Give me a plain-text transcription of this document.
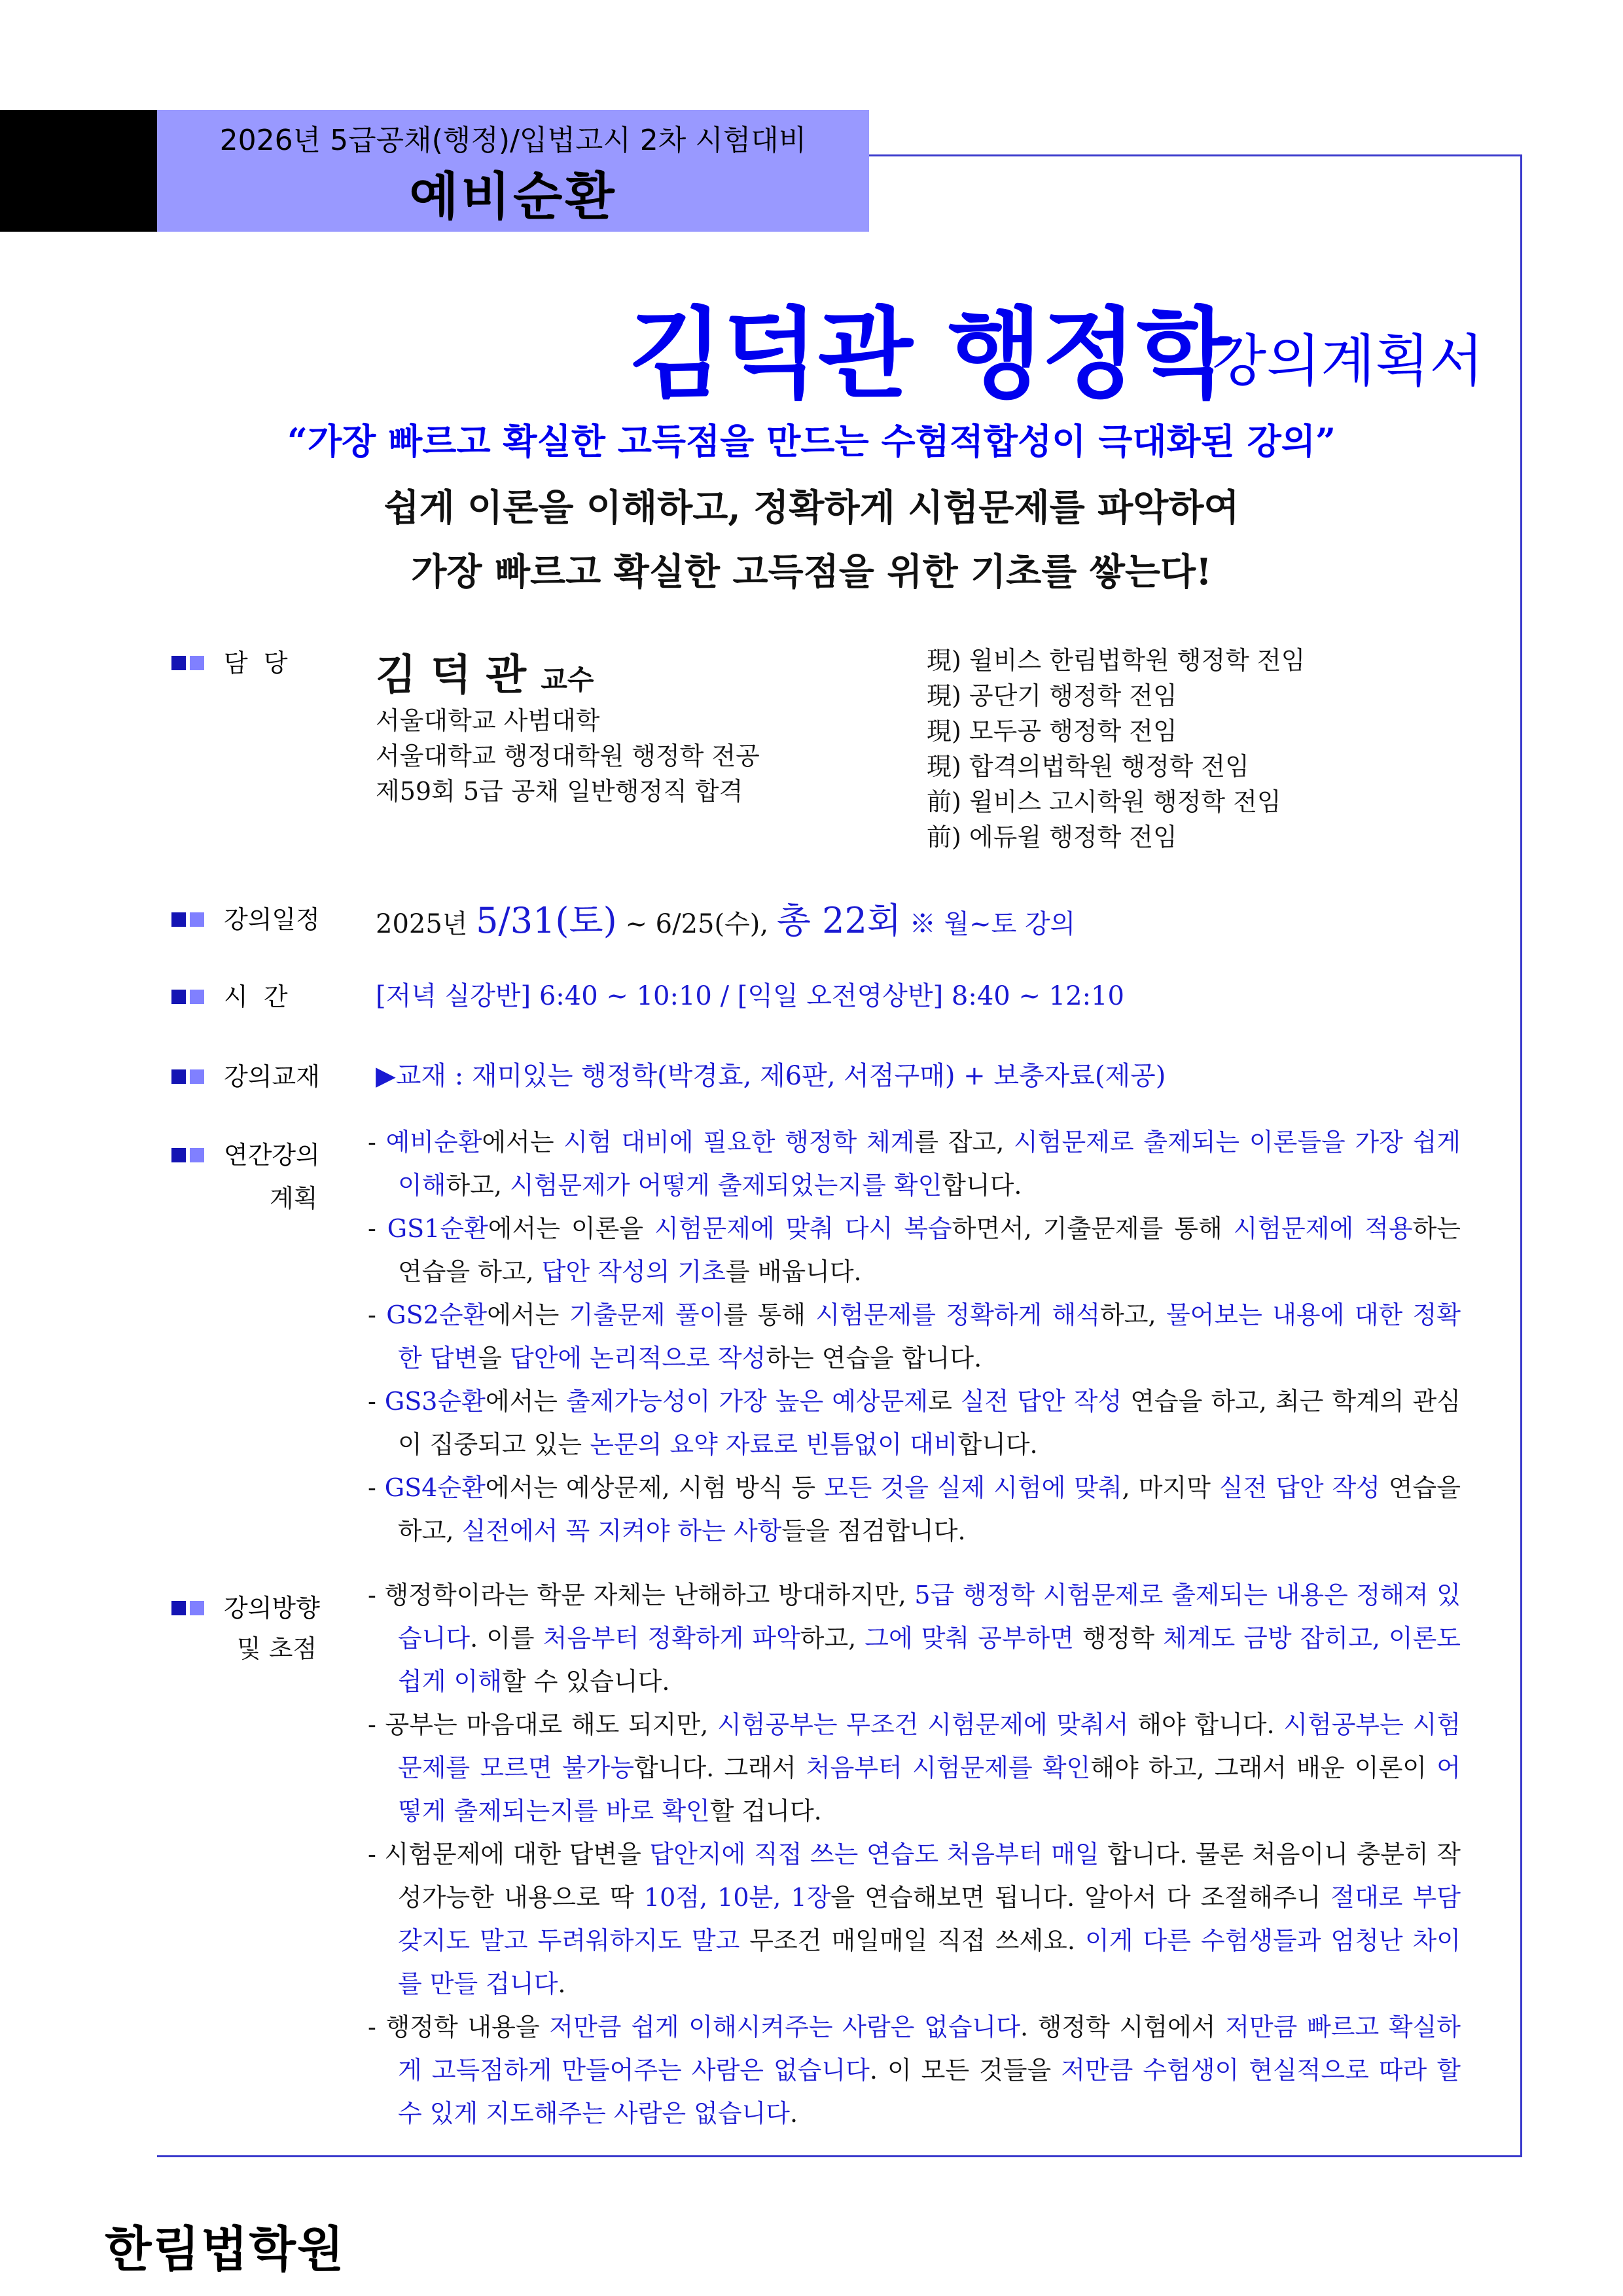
2026년 5급공채(행정)/입법고시 2차 시험대비
예비순환
김덕관 행정학
강의계획서
“가장 빠르고 확실한 고득점을 만드는 수험적합성이 극대화된 강의”
쉽게 이론을 이해하고, 정확하게 시험문제를 파악하여
가장 빠르고 확실한 고득점을 위한 기초를 쌓는다!
담  당 김 덕 관 교수
서울대학교 사범대학
서울대학교 행정대학원 행정학 전공
제59회 5급 공채 일반행정직 합격
現) 윌비스 한림법학원 행정학 전임
現) 공단기 행정학 전임
現) 모두공 행정학 전임
現) 합격의법학원 행정학 전임
前) 윌비스 고시학원 행정학 전임
前) 에듀윌 행정학 전임
강의일정 2025년 5/31(토) ~ 6/25(수), 총 22회 ※ 월~토 강의
시  간	[저녁 실강반] 6:40 ~ 10:10 / [익일 오전영상반] 8:40 ~ 12:10
강의교재 ▶교재 : 재미있는 행정학(박경효, 제6판, 서점구매) + 보충자료(제공)
연간강의
계획
- 예비순환에서는 시험 대비에 필요한 행정학 체계를 잡고, 시험문제로 출제되는 이론들을 가장 쉽게 이해하고, 시험문제가 어떻게 출제되었는지를 확인합니다.
- GS1순환에서는 이론을 시험문제에 맞춰 다시 복습하면서, 기출문제를 통해 시험문제에 적용하는 연습을 하고, 답안 작성의 기초를 배웁니다.
- GS2순환에서는 기출문제 풀이를 통해 시험문제를 정확하게 해석하고, 물어보는 내용에 대한 정확한 답변을 답안에 논리적으로 작성하는 연습을 합니다.
- GS3순환에서는 출제가능성이 가장 높은 예상문제로 실전 답안 작성 연습을 하고, 최근 학계의 관심이 집중되고 있는 논문의 요약 자료로 빈틈없이 대비합니다.
- GS4순환에서는 예상문제, 시험 방식 등 모든 것을 실제 시험에 맞춰, 마지막 실전 답안 작성 연습을 하고, 실전에서 꼭 지켜야 하는 사항들을 점검합니다.
강의방향
및 초점
- 행정학이라는 학문 자체는 난해하고 방대하지만, 5급 행정학 시험문제로 출제되는 내용은 정해져 있습니다. 이를 처음부터 정확하게 파악하고, 그에 맞춰 공부하면 행정학 체계도 금방 잡히고, 이론도 쉽게 이해할 수 있습니다.
- 공부는 마음대로 해도 되지만, 시험공부는 무조건 시험문제에 맞춰서 해야 합니다. 시험공부는 시험문제를 모르면 불가능합니다. 그래서 처음부터 시험문제를 확인해야 하고, 그래서 배운 이론이 어떻게 출제되는지를 바로 확인할 겁니다.
- 시험문제에 대한 답변을 답안지에 직접 쓰는 연습도 처음부터 매일 합니다. 물론 처음이니 충분히 작성가능한 내용으로 딱 10점, 10분, 1장을 연습해보면 됩니다. 알아서 다 조절해주니 절대로 부담 갖지도 말고 두려워하지도 말고 무조건 매일매일 직접 쓰세요. 이게 다른 수험생들과 엄청난 차이를 만들 겁니다.
- 행정학 내용을 저만큼 쉽게 이해시켜주는 사람은 없습니다. 행정학 시험에서 저만큼 빠르고 확실하게 고득점하게 만들어주는 사람은 없습니다. 이 모든 것들을 저만큼 수험생이 현실적으로 따라 할 수 있게 지도해주는 사람은 없습니다.
한림법학원
